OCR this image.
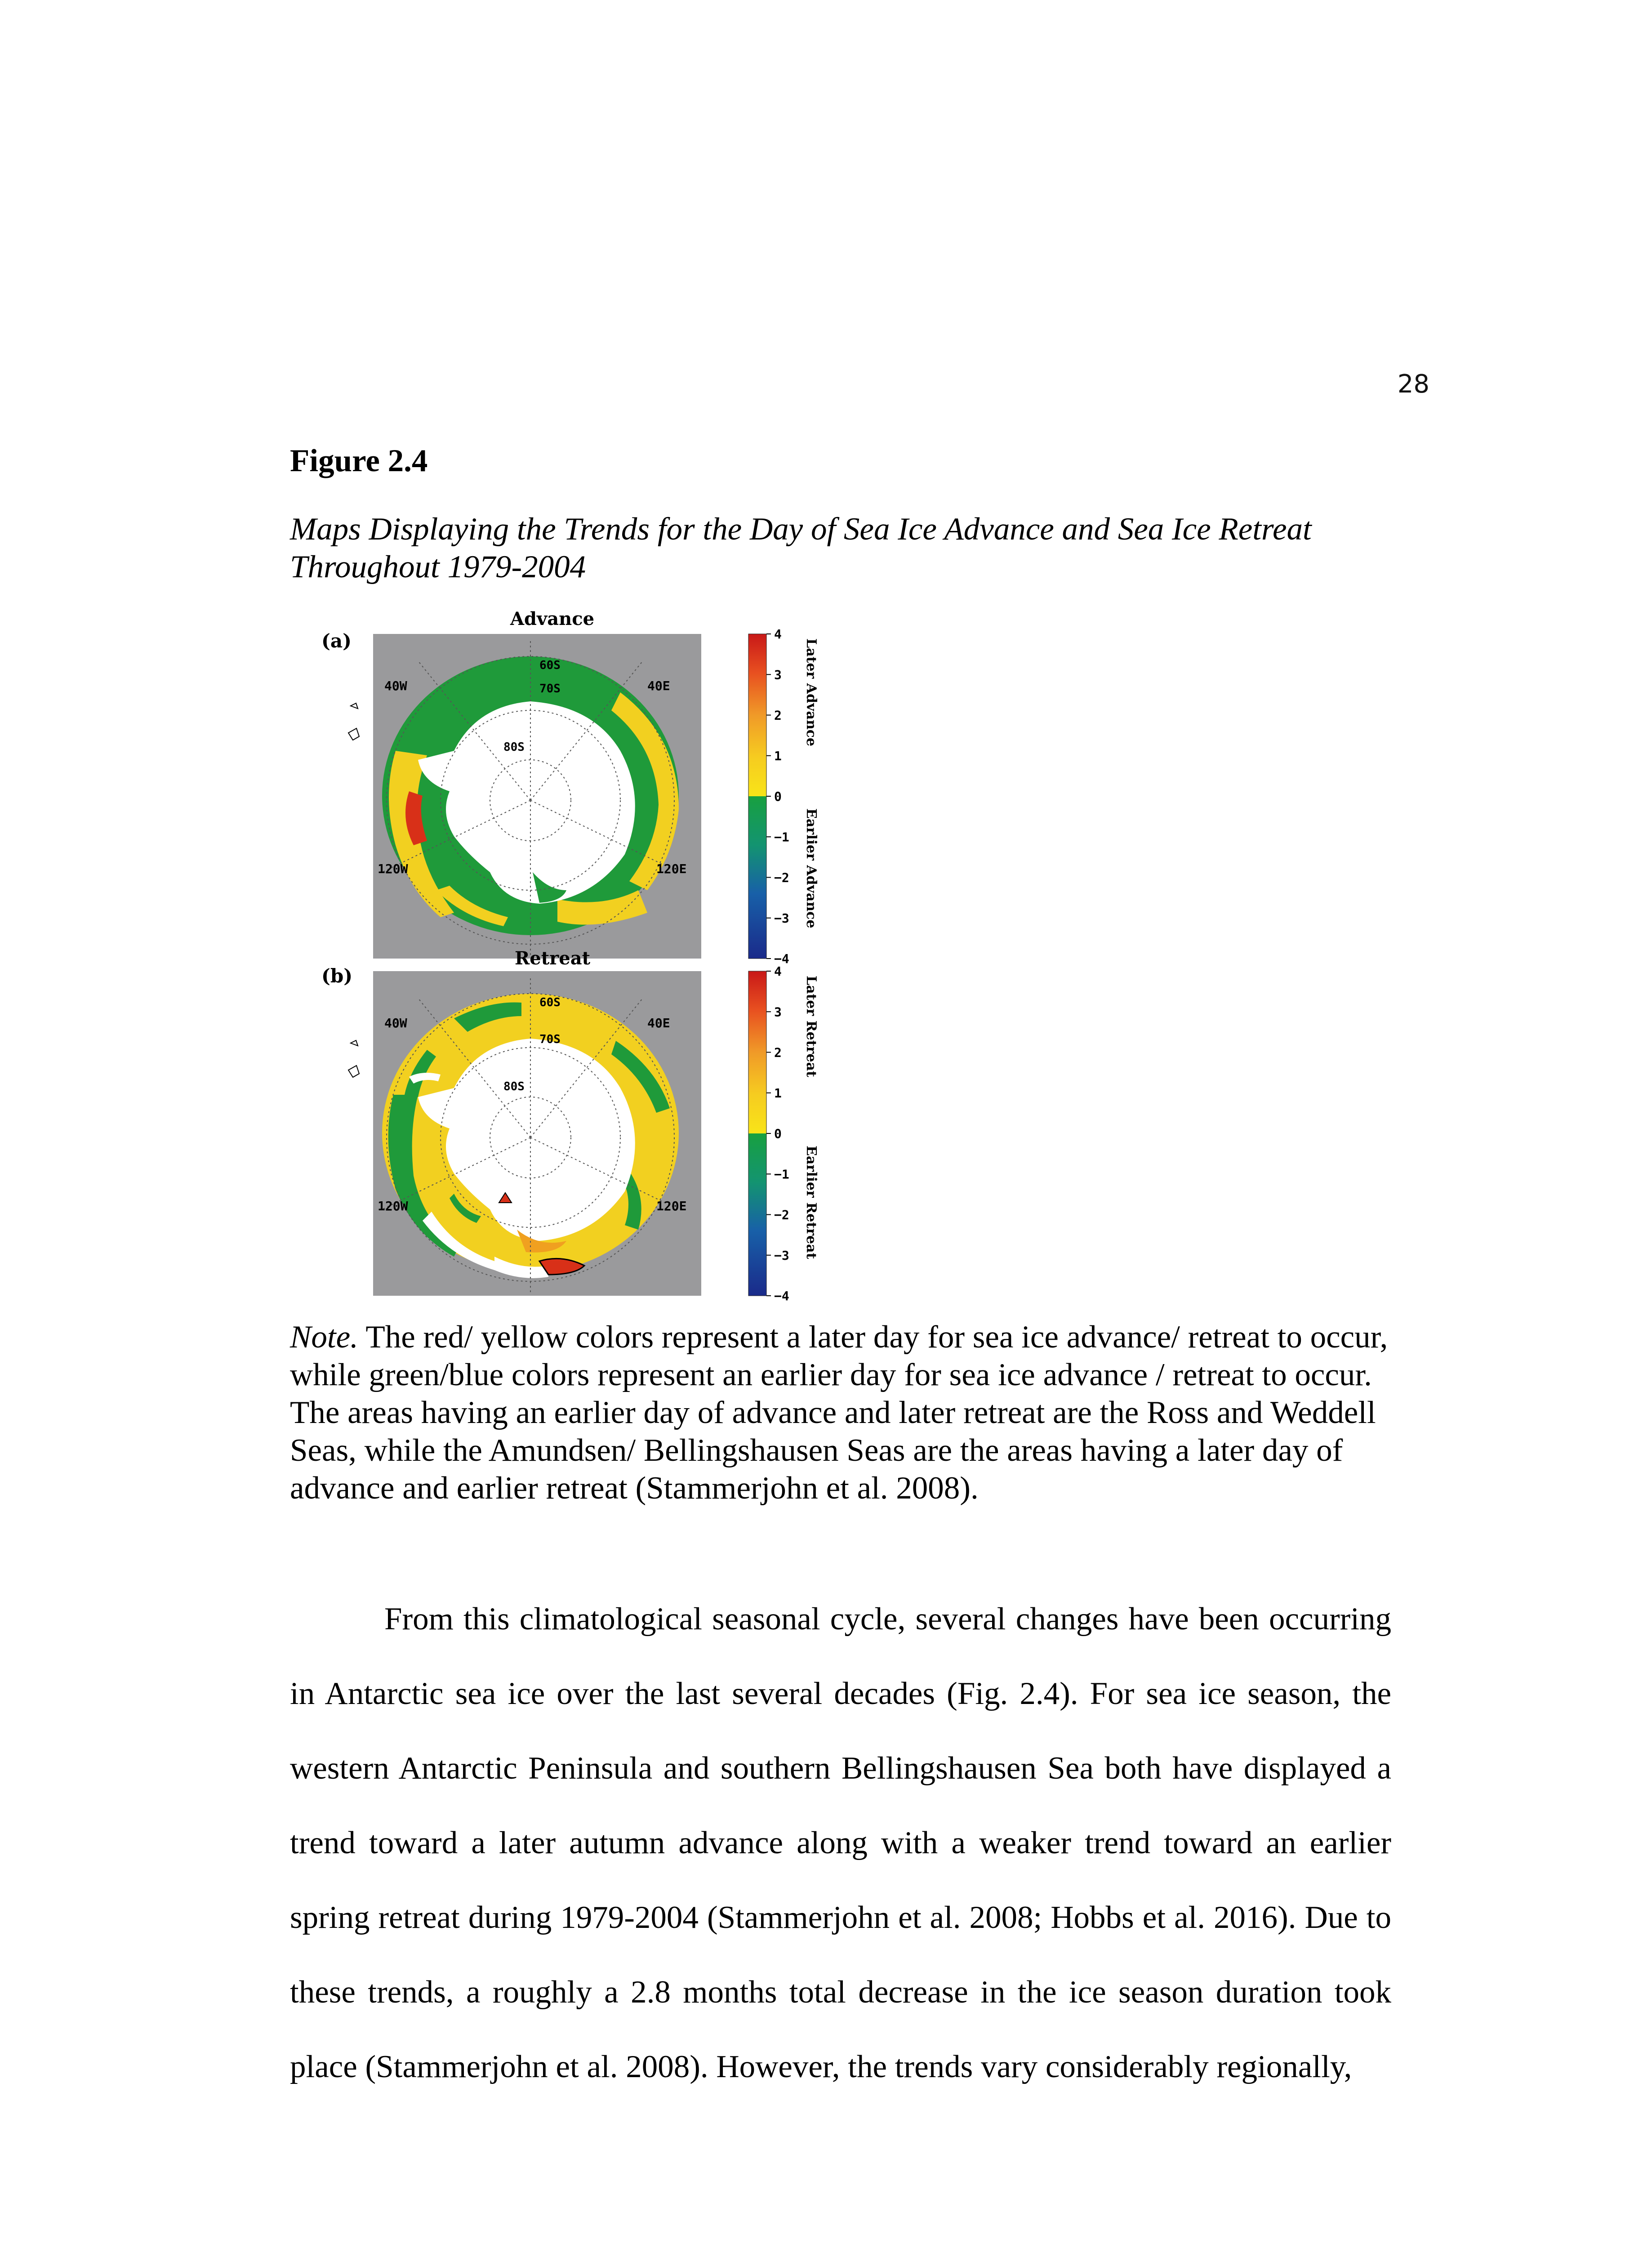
28
Figure 2.4
Maps Displaying the Trends for the Day of Sea Ice Advance and Sea Ice Retreat Throughout 1979-2004
(a)
Advance
40W	40E
120W	120E
60S
70S
80S
4
3
2
1
0
−1
−2
−3
−4
Later Advance
Earlier Advance
(b)
Retreat
40W	40E
120W	120E
60S
70S
80S
4
3
2
1
0
−1
−2
−3
−4
Later Retreat
Earlier Retreat
Note. The red/ yellow colors represent a later day for sea ice advance/ retreat to occur, while green/blue colors represent an earlier day for sea ice advance / retreat to occur. The areas having an earlier day of advance and later retreat are the Ross and Weddell Seas, while the Amundsen/ Bellingshausen Seas are the areas having a later day of advance and earlier retreat (Stammerjohn et al. 2008).
From this climatological seasonal cycle, several changes have been occurring in Antarctic sea ice over the last several decades (Fig. 2.4). For sea ice season, the western Antarctic Peninsula and southern Bellingshausen Sea both have displayed a trend toward a later autumn advance along with a weaker trend toward an earlier spring retreat during 1979-2004 (Stammerjohn et al. 2008; Hobbs et al. 2016). Due to these trends, a roughly a 2.8 months total decrease in the ice season duration took place (Stammerjohn et al. 2008). However, the trends vary considerably regionally,
